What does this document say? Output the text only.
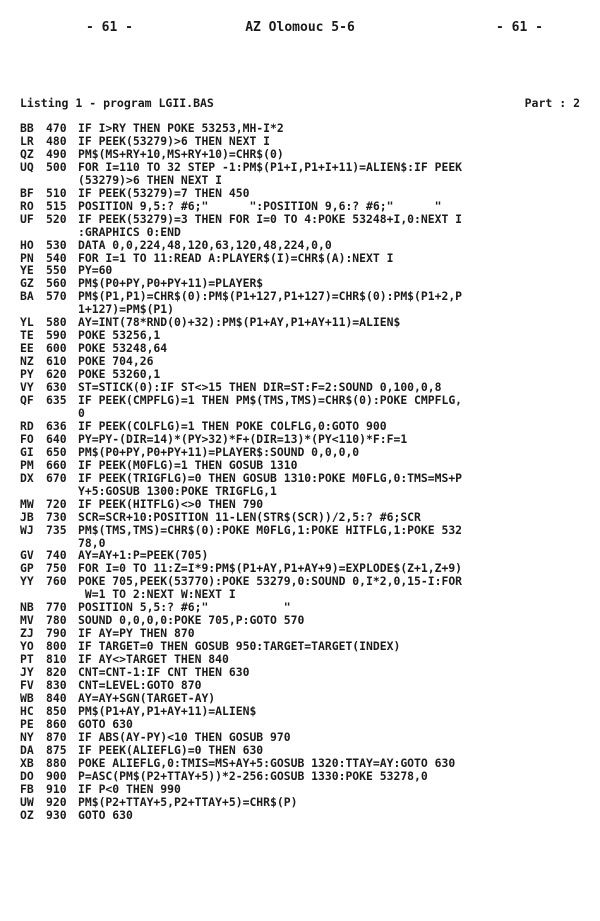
- 61 -	AZ Olomouc 5-6	- 61 -
Listing 1 - program LGII.BAS	Part : 2
BB	470	IF I>RY THEN POKE 53253,MH-I*2
LR	480	IF PEEK(53279)>6 THEN NEXT I
QZ	490	PM$(MS+RY+10,MS+RY+10)=CHR$(0)
UQ	500	FOR I=110 TO 32 STEP -1:PM$(P1+I,P1+I+11)=ALIEN$:IF PEEK
(53279)>6 THEN NEXT I
BF	510	IF PEEK(53279)=7 THEN 450
RO	515	POSITION 9,5:? #6;"      ":POSITION 9,6:? #6;"      "
UF	520	IF PEEK(53279)=3 THEN FOR I=0 TO 4:POKE 53248+I,0:NEXT I
:GRAPHICS 0:END
HO	530	DATA 0,0,224,48,120,63,120,48,224,0,0
PN	540	FOR I=1 TO 11:READ A:PLAYER$(I)=CHR$(A):NEXT I
YE	550	PY=60
GZ	560	PM$(P0+PY,P0+PY+11)=PLAYER$
BA	570	PM$(P1,P1)=CHR$(0):PM$(P1+127,P1+127)=CHR$(0):PM$(P1+2,P
1+127)=PM$(P1)
YL	580	AY=INT(78*RND(0)+32):PM$(P1+AY,P1+AY+11)=ALIEN$
TE	590	POKE 53256,1
EE	600	POKE 53248,64
NZ	610	POKE 704,26
PY	620	POKE 53260,1
VY	630	ST=STICK(0):IF ST<>15 THEN DIR=ST:F=2:SOUND 0,100,0,8
QF	635	IF PEEK(CMPFLG)=1 THEN PM$(TMS,TMS)=CHR$(0):POKE CMPFLG,
0
RD	636	IF PEEK(COLFLG)=1 THEN POKE COLFLG,0:GOTO 900
FO	640	PY=PY-(DIR=14)*(PY>32)*F+(DIR=13)*(PY<110)*F:F=1
GI	650	PM$(P0+PY,P0+PY+11)=PLAYER$:SOUND 0,0,0,0
PM	660	IF PEEK(M0FLG)=1 THEN GOSUB 1310
DX	670	IF PEEK(TRIGFLG)=0 THEN GOSUB 1310:POKE M0FLG,0:TMS=MS+P
Y+5:GOSUB 1300:POKE TRIGFLG,1
MW	720	IF PEEK(HITFLG)<>0 THEN 790
JB	730	SCR=SCR+10:POSITION 11-LEN(STR$(SCR))/2,5:? #6;SCR
WJ	735	PM$(TMS,TMS)=CHR$(0):POKE M0FLG,1:POKE HITFLG,1:POKE 532
78,0
GV	740	AY=AY+1:P=PEEK(705)
GP	750	FOR I=0 TO 11:Z=I*9:PM$(P1+AY,P1+AY+9)=EXPLODE$(Z+1,Z+9)
YY	760	POKE 705,PEEK(53770):POKE 53279,0:SOUND 0,I*2,0,15-I:FOR
W=1 TO 2:NEXT W:NEXT I
NB	770	POSITION 5,5:? #6;"           "
MV	780	SOUND 0,0,0,0:POKE 705,P:GOTO 570
ZJ	790	IF AY=PY THEN 870
YO	800	IF TARGET=0 THEN GOSUB 950:TARGET=TARGET(INDEX)
PT	810	IF AY<>TARGET THEN 840
JY	820	CNT=CNT-1:IF CNT THEN 630
FV	830	CNT=LEVEL:GOTO 870
WB	840	AY=AY+SGN(TARGET-AY)
HC	850	PM$(P1+AY,P1+AY+11)=ALIEN$
PE	860	GOTO 630
NY	870	IF ABS(AY-PY)<10 THEN GOSUB 970
DA	875	IF PEEK(ALIEFLG)=0 THEN 630
XB	880	POKE ALIEFLG,0:TMIS=MS+AY+5:GOSUB 1320:TTAY=AY:GOTO 630
DO	900	P=ASC(PM$(P2+TTAY+5))*2-256:GOSUB 1330:POKE 53278,0
FB	910	IF P<0 THEN 990
UW	920	PM$(P2+TTAY+5,P2+TTAY+5)=CHR$(P)
OZ	930	GOTO 630
